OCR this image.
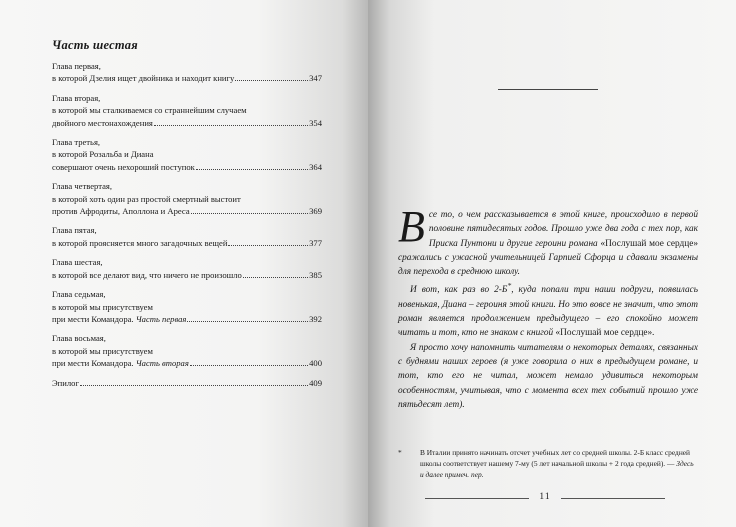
Часть шестая
Глава первая,
в которой Дзелия ищет двойника и находит книгу	347
Глава вторая,
в которой мы сталкиваемся со страннейшим случаем
двойного местонахождения	354
Глава третья,
в которой Розальба и Диана
совершают очень нехороший поступок	364
Глава четвертая,
в которой хоть один раз простой смертный выстоит
против Афродиты, Аполлона и Ареса	369
Глава пятая,
в которой проясняется много загадочных вещей	377
Глава шестая,
в которой все делают вид, что ничего не произошло	385
Глава седьмая,
в которой мы присутствуем
при мести Командора. Часть первая	392
Глава восьмая,
в которой мы присутствуем
при мести Командора. Часть вторая	400
Эпилог	409

Все то, о чем рассказывается в этой книге, происходило в первой половине пятидесятых годов. Прошло уже два года с тех пор, как Приска Пунтони и другие героини романа «Послушай мое сердце» сражались с ужасной учительницей Гарпией Сфорца и сдавали экзамены для перехода в среднюю школу.

И вот, как раз во 2-Б*, куда попали три наши подруги, появилась новенькая, Диана – героиня этой книги. Но это вовсе не значит, что этот роман является продолжением предыдущего – его спокойно может читать и тот, кто не знаком с книгой «Послушай мое сердце».

Я просто хочу напомнить читателям о некоторых деталях, связанных с буднями наших героев (я уже говорила о них в предыдущем романе, и тот, кто его не читал, может немало удивиться некоторым особенностям, учитывая, что с момента всех тех событий прошло уже пятьдесят лет).

* В Италии принято начинать отсчет учебных лет со средней школы. 2-Б класс средней школы соответствует нашему 7-му (5 лет начальной школы + 2 года средней). — Здесь и далее примеч. пер.
11
